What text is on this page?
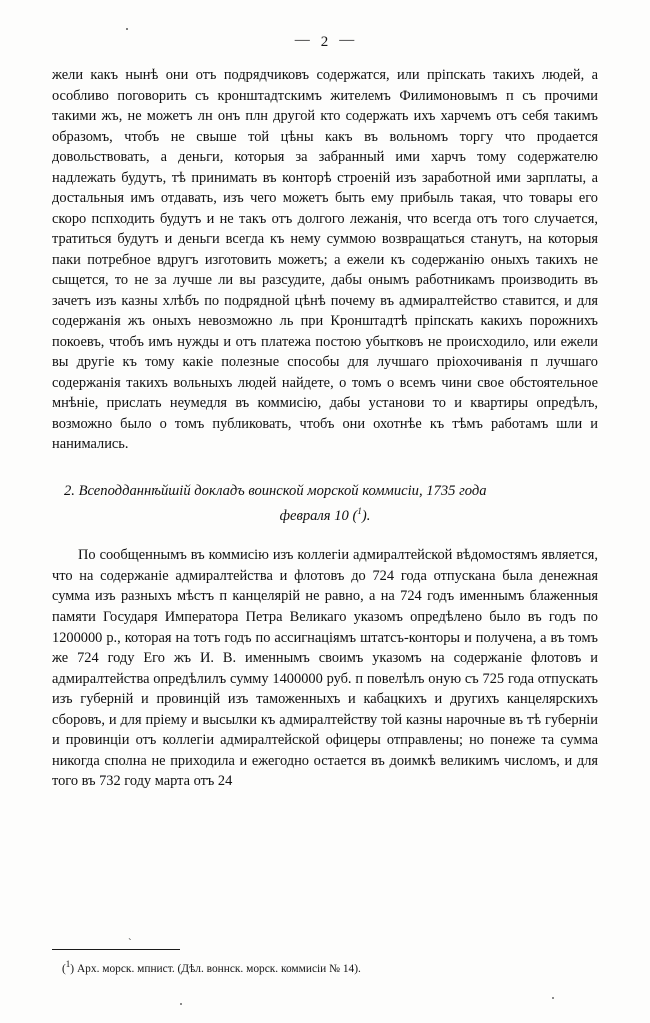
— 2 —

жели какъ нынѣ они отъ подрядчиковъ содержатся, или пріпскать такихъ людей, а особливо поговорить съ кронштадтскимъ жителемъ Филимоновымъ п съ прочими такими жъ, не можетъ лн онъ плн другой кто содержать ихъ харчемъ отъ себя такимъ образомъ, чтобъ не свыше той цѣны какъ въ вольномъ торгу что продается довольствовать, а деньги, которыя за забранный ими харчъ тому содержателю надлежать будутъ, тѣ принимать въ конторѣ строеній изъ заработной ими зарплаты, а достальныя имъ отдавать, изъ чего можетъ быть ему прибыль такая, что товары его скоро пспходить будутъ и не такъ отъ долгого лежанія, что всегда отъ того случается, тратиться будутъ и деньги всегда къ нему суммою возвращаться станутъ, на которыя паки потребное вдругъ изготовить можетъ; а ежели къ содержанію оныхъ такихъ не сыщется, то не за лучше ли вы разсудите, дабы онымъ работникамъ производить въ зачетъ изъ казны хлѣбъ по подрядной цѣнѣ почему въ адмиралтейство ставится, и для содержанія жъ оныхъ невозможно ль при Кронштадтѣ пріпскать какихъ порожнихъ покоевъ, чтобъ имъ нужды и отъ платежа постою убытковъ не происходило, или ежели вы другіе къ тому какіе полезные способы для лучшаго пріохочиванія п лучшаго содержанія такихъ вольныхъ людей найдете, о томъ о всемъ чини свое обстоятельное мнѣніе, прислать неумедля въ коммисію, дабы установи то и квартиры опредѣлъ, возможно было о томъ публиковать, чтобъ они охотнѣе къ тѣмъ работамъ шли и нанимались.

2. Всеподданнѣйшій докладъ воинской морской коммисіи, 1735 года
февраля 10 ($^1$).

По сообщеннымъ въ коммисію изъ коллегіи адмиралтейской вѣдомостямъ является, что на содержаніе адмиралтейства и флотовъ до 724 года отпускана была денежная сумма изъ разныхъ мѣстъ п канцелярій не равно, а на 724 годъ именнымъ блаженныя памяти Государя Императора Петра Великаго указомъ опредѣлено было въ годъ по 1200000 р., которая на тотъ годъ по ассигнаціямъ штатсъ-конторы и получена, а въ томъ же 724 году Его жъ И. В. именнымъ своимъ указомъ на содержаніе флотовъ и адмиралтейства опредѣлилъ сумму 1400000 руб. п повелѣлъ оную съ 725 года отпускать изъ губерній и провинцій изъ таможенныхъ и кабацкихъ и другихъ канцелярскихъ сборовъ, и для пріему и высылки къ адмиралтейству той казны нарочные въ тѣ губерніи и провинціи отъ коллегіи адмиралтейской офицеры отправлены; но понеже та сумма никогда сполна не приходила и ежегодно остается въ доимкѣ великимъ числомъ, и для того въ 732 году марта отъ 24

ˋ
($^1$) Арх. морск. мпнист. (Дѣл. воннск. морск. коммисіи № 14).
